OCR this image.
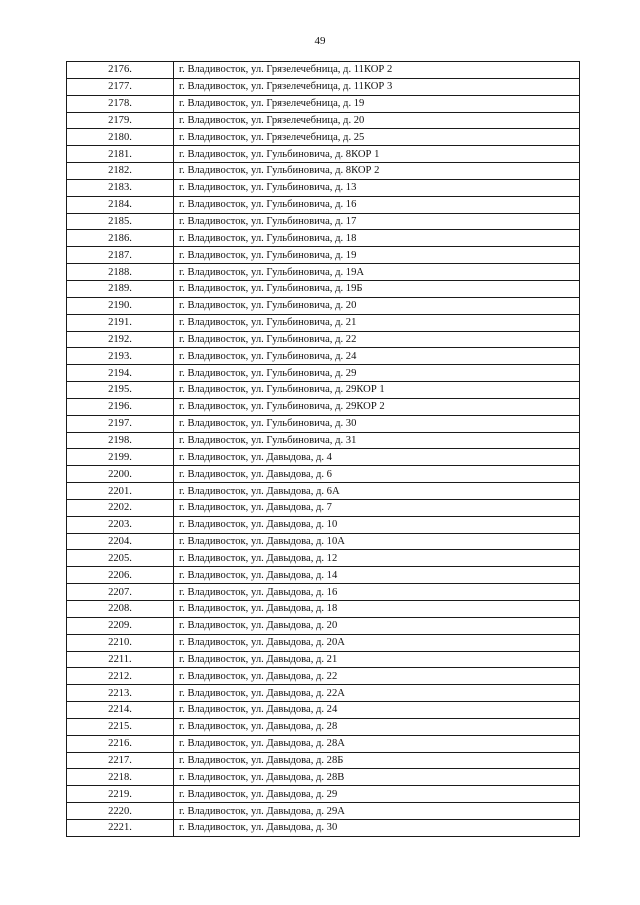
49
2176.	г. Владивосток, ул. Грязелечебница, д. 11КОР 2
2177.	г. Владивосток, ул. Грязелечебница, д. 11КОР 3
2178.	г. Владивосток, ул. Грязелечебница, д. 19
2179.	г. Владивосток, ул. Грязелечебница, д. 20
2180.	г. Владивосток, ул. Грязелечебница, д. 25
2181.	г. Владивосток, ул. Гульбиновича, д. 8КОР 1
2182.	г. Владивосток, ул. Гульбиновича, д. 8КОР 2
2183.	г. Владивосток, ул. Гульбиновича, д. 13
2184.	г. Владивосток, ул. Гульбиновича, д. 16
2185.	г. Владивосток, ул. Гульбиновича, д. 17
2186.	г. Владивосток, ул. Гульбиновича, д. 18
2187.	г. Владивосток, ул. Гульбиновича, д. 19
2188.	г. Владивосток, ул. Гульбиновича, д. 19А
2189.	г. Владивосток, ул. Гульбиновича, д. 19Б
2190.	г. Владивосток, ул. Гульбиновича, д. 20
2191.	г. Владивосток, ул. Гульбиновича, д. 21
2192.	г. Владивосток, ул. Гульбиновича, д. 22
2193.	г. Владивосток, ул. Гульбиновича, д. 24
2194.	г. Владивосток, ул. Гульбиновича, д. 29
2195.	г. Владивосток, ул. Гульбиновича, д. 29КОР 1
2196.	г. Владивосток, ул. Гульбиновича, д. 29КОР 2
2197.	г. Владивосток, ул. Гульбиновича, д. 30
2198.	г. Владивосток, ул. Гульбиновича, д. 31
2199.	г. Владивосток, ул. Давыдова, д. 4
2200.	г. Владивосток, ул. Давыдова, д. 6
2201.	г. Владивосток, ул. Давыдова, д. 6А
2202.	г. Владивосток, ул. Давыдова, д. 7
2203.	г. Владивосток, ул. Давыдова, д. 10
2204.	г. Владивосток, ул. Давыдова, д. 10А
2205.	г. Владивосток, ул. Давыдова, д. 12
2206.	г. Владивосток, ул. Давыдова, д. 14
2207.	г. Владивосток, ул. Давыдова, д. 16
2208.	г. Владивосток, ул. Давыдова, д. 18
2209.	г. Владивосток, ул. Давыдова, д. 20
2210.	г. Владивосток, ул. Давыдова, д. 20А
2211.	г. Владивосток, ул. Давыдова, д. 21
2212.	г. Владивосток, ул. Давыдова, д. 22
2213.	г. Владивосток, ул. Давыдова, д. 22А
2214.	г. Владивосток, ул. Давыдова, д. 24
2215.	г. Владивосток, ул. Давыдова, д. 28
2216.	г. Владивосток, ул. Давыдова, д. 28А
2217.	г. Владивосток, ул. Давыдова, д. 28Б
2218.	г. Владивосток, ул. Давыдова, д. 28В
2219.	г. Владивосток, ул. Давыдова, д. 29
2220.	г. Владивосток, ул. Давыдова, д. 29А
2221.	г. Владивосток, ул. Давыдова, д. 30
